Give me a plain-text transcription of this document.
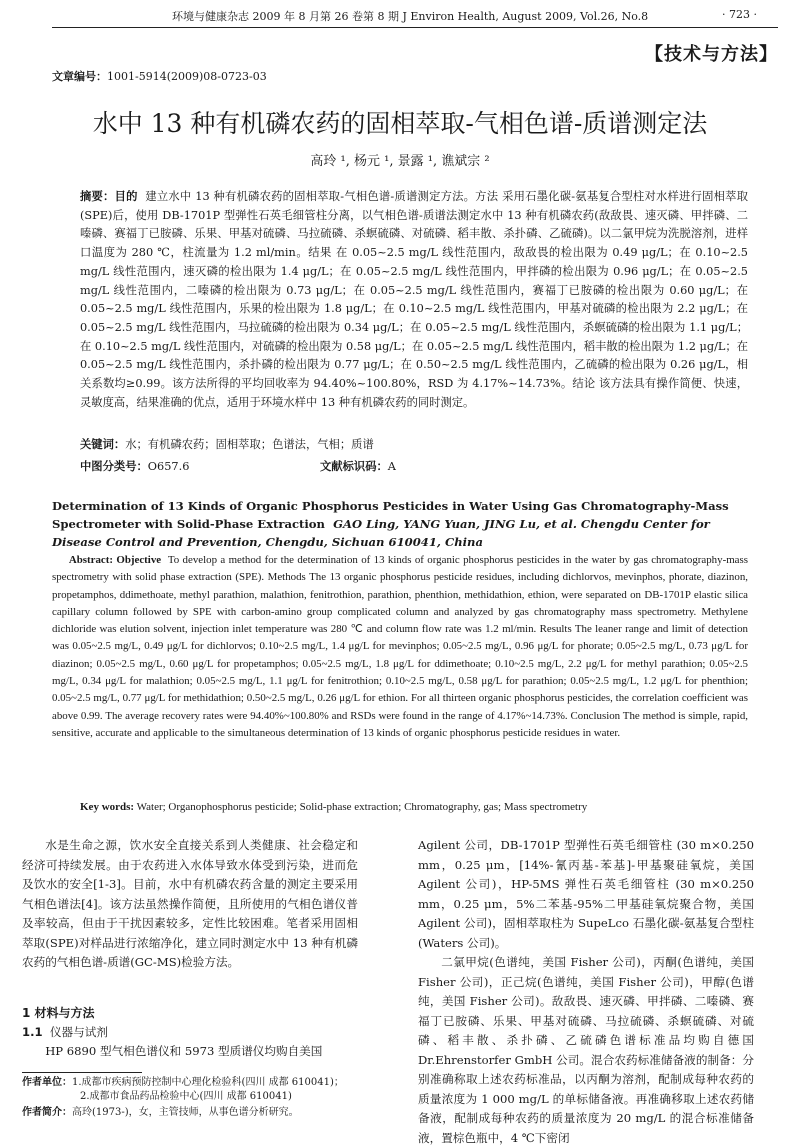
环境与健康杂志 2009 年 8 月第 26 卷第 8 期 J Environ Health, August 2009, Vol.26, No.8	· 723 ·
【技术与方法】
文章编号：1001-5914(2009)08-0723-03
水中 13 种有机磷农药的固相萃取-气相色谱-质谱测定法
高玲 ¹, 杨元 ¹, 景露 ¹, 谯斌宗 ²
摘要：目的 建立水中 13 种有机磷农药的固相萃取-气相色谱-质谱测定方法。方法 采用石墨化碳-氨基复合型柱对水样进行固相萃取(SPE)后，使用 DB-1701P 型弹性石英毛细管柱分离，以气相色谱-质谱法测定水中 13 种有机磷农药(敌敌畏、速灭磷、甲拌磷、二嗪磷、赛福丁已胺磷、乐果、甲基对硫磷、马拉硫磷、杀螟硫磷、对硫磷、稻丰散、杀扑磷、乙硫磷)。以二氯甲烷为洗脱溶剂，进样口温度为 280 ℃，柱流量为 1.2 ml/min。结果 在 0.05~2.5 mg/L 线性范围内，敌敌畏的检出限为 0.49 μg/L；在 0.10~2.5 mg/L 线性范围内，速灭磷的检出限为 1.4 μg/L；在 0.05~2.5 mg/L 线性范围内，甲拌磷的检出限为 0.96 μg/L；在 0.05~2.5 mg/L 线性范围内，二嗪磷的检出限为 0.73 μg/L；在 0.05~2.5 mg/L 线性范围内，赛福丁已胺磷的检出限为 0.60 μg/L；在 0.05~2.5 mg/L 线性范围内，乐果的检出限为 1.8 μg/L；在 0.10~2.5 mg/L 线性范围内，甲基对硫磷的检出限为 2.2 μg/L；在 0.05~2.5 mg/L 线性范围内，马拉硫磷的检出限为 0.34 μg/L；在 0.05~2.5 mg/L 线性范围内，杀螟硫磷的检出限为 1.1 μg/L；在 0.10~2.5 mg/L 线性范围内，对硫磷的检出限为 0.58 μg/L；在 0.05~2.5 mg/L 线性范围内，稻丰散的检出限为 1.2 μg/L；在 0.05~2.5 mg/L 线性范围内，杀扑磷的检出限为 0.77 μg/L；在 0.50~2.5 mg/L 线性范围内，乙硫磷的检出限为 0.26 μg/L，相关系数均≥0.99。该方法所得的平均回收率为 94.40%~100.80%，RSD 为 4.17%~14.73%。结论 该方法具有操作简便、快速，灵敏度高，结果准确的优点，适用于环境水样中 13 种有机磷农药的同时测定。
关键词：水；有机磷农药；固相萃取；色谱法，气相；质谱
中图分类号：O657.6	文献标识码：A
Determination of 13 Kinds of Organic Phosphorus Pesticides in Water Using Gas Chromatography-Mass Spectrometer with Solid-Phase Extraction GAO Ling, YANG Yuan, JING Lu, et al. Chengdu Center for Disease Control and Prevention, Chengdu, Sichuan 610041, China
Abstract: Objective To develop a method for the determination of 13 kinds of organic phosphorus pesticides in the water by gas chromatography-mass spectrometry with solid phase extraction (SPE). Methods The 13 organic phosphorus pesticide residues, including dichlorvos, mevinphos, phorate, diazinon, propetamphos, ddimethoate, methyl parathion, malathion, fenitrothion, parathion, phenthion, methidathion, ethion, were separated on DB-1701P elastic silica capillary column followed by SPE with carbon-amino group complicated column and analyzed by gas chromatography mass spectrometry. Methylene dichloride was elution solvent, injection inlet temperature was 280 ℃ and column flow rate was 1.2 ml/min. Results The leaner range and limit of detection was 0.05~2.5 mg/L, 0.49 μg/L for dichlorvos; 0.10~2.5 mg/L, 1.4 μg/L for mevinphos; 0.05~2.5 mg/L, 0.96 μg/L for phorate; 0.05~2.5 mg/L, 0.73 μg/L for diazinon; 0.05~2.5 mg/L, 0.60 μg/L for propetamphos; 0.05~2.5 mg/L, 1.8 μg/L for ddimethoate; 0.10~2.5 mg/L, 2.2 μg/L for methyl parathion; 0.05~2.5 mg/L, 0.34 μg/L for malathion; 0.05~2.5 mg/L, 1.1 μg/L for fenitrothion; 0.10~2.5 mg/L, 0.58 μg/L for parathion; 0.05~2.5 mg/L, 1.2 μg/L for phenthion; 0.05~2.5 mg/L, 0.77 μg/L for methidathion; 0.50~2.5 mg/L, 0.26 μg/L for ethion. For all thirteen organic phosphorus pesticides, the correlation coefficient was above 0.99. The average recovery rates were 94.40%~100.80% and RSDs were found in the range of 4.17%~14.73%. Conclusion The method is simple, rapid, sensitive, accurate and applicable to the simultaneous determination of 13 kinds of organic phosphorus pesticide residues in water.
Key words: Water; Organophosphorus pesticide; Solid-phase extraction; Chromatography, gas; Mass spectrometry

水是生命之源，饮水安全直接关系到人类健康、社会稳定和经济可持续发展。由于农药进入水体导致水体受到污染，进而危及饮水的安全[1-3]。目前，水中有机磷农药含量的测定主要采用气相色谱法[4]。该方法虽然操作简便，且所使用的气相色谱仪普及率较高，但由于干扰因素较多，定性比较困难。笔者采用固相萃取(SPE)对样品进行浓缩净化，建立同时测定水中 13 种有机磷农药的气相色谱-质谱(GC-MS)检验方法。

1 材料与方法
1.1 仪器与试剂
HP 6890 型气相色谱仪和 5973 型质谱仪均购自美国
作者单位：1.成都市疾病预防控制中心理化检验科(四川 成都 610041)；
2.成都市食品药品检验中心(四川 成都 610041)
作者简介：高玲(1973-)，女，主管技师，从事色谱分析研究。

Agilent 公司，DB-1701P 型弹性石英毛细管柱 (30 m×0.250 mm，0.25 μm，[14%-氰丙基-苯基]-甲基聚硅氧烷，美国 Agilent 公司)，HP-5MS 弹性石英毛细管柱 (30 m×0.250 mm，0.25 μm，5%二苯基-95%二甲基硅氧烷聚合物，美国 Agilent 公司)，固相萃取柱为 SupeLco 石墨化碳-氨基复合型柱(Waters 公司)。

二氯甲烷(色谱纯，美国 Fisher 公司)，丙酮(色谱纯，美国 Fisher 公司)，正己烷(色谱纯，美国 Fisher 公司)，甲醇(色谱纯，美国 Fisher 公司)。敌敌畏、速灭磷、甲拌磷、二嗪磷、赛福丁已胺磷、乐果、甲基对硫磷、马拉硫磷、杀螟硫磷、对硫磷、稻丰散、杀扑磷、乙硫磷色谱标准品均购自德国 Dr.Ehrenstorfer GmbH 公司。混合农药标准储备液的制备：分别准确称取上述农药标准品，以丙酮为溶剂，配制成每种农药的质量浓度为 1 000 mg/L 的单标储备液。再准确移取上述农药储备液，配制成每种农药的质量浓度为 20 mg/L 的混合标准储备液，置棕色瓶中，4 ℃下密闭
